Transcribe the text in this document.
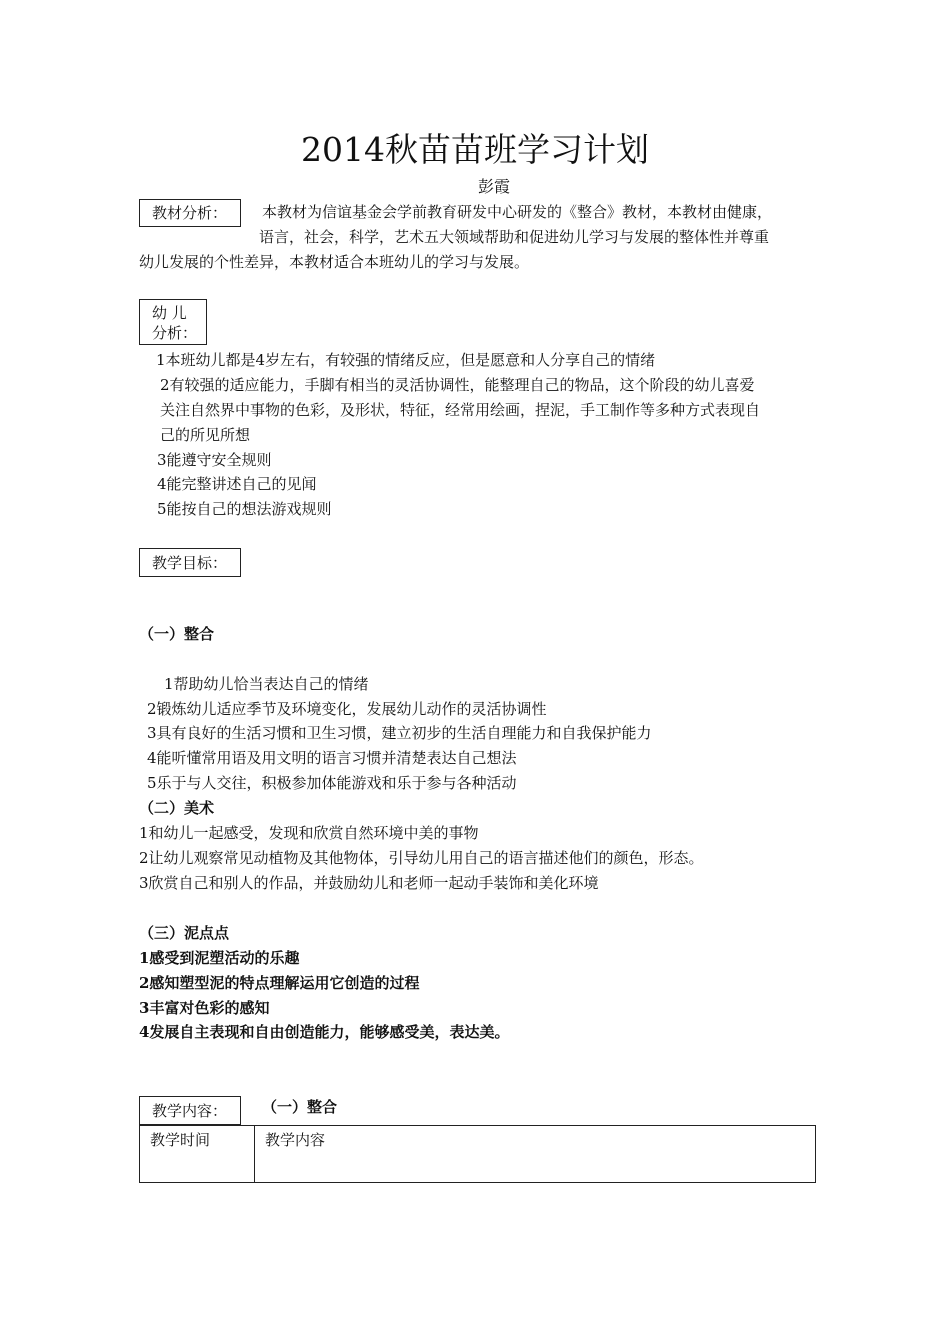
2014秋苗苗班学习计划
彭霞
教材分析：	本教材为信谊基金会学前教育研发中心研发的《整合》教材，本教材由健康，
语言，社会，科学，艺术五大领域帮助和促进幼儿学习与发展的整体性并尊重
幼儿发展的个性差异，本教材适合本班幼儿的学习与发展。
幼 儿
分析：
1本班幼儿都是4岁左右，有较强的情绪反应，但是愿意和人分享自己的情绪
2有较强的适应能力，手脚有相当的灵活协调性，能整理自己的物品，这个阶段的幼儿喜爱
关注自然界中事物的色彩，及形状，特征，经常用绘画，捏泥，手工制作等多种方式表现自
己的所见所想
3能遵守安全规则
4能完整讲述自己的见闻
5能按自己的想法游戏规则
教学目标：
（一）整合
1帮助幼儿恰当表达自己的情绪
2锻炼幼儿适应季节及环境变化，发展幼儿动作的灵活协调性
3具有良好的生活习惯和卫生习惯，建立初步的生活自理能力和自我保护能力
4能听懂常用语及用文明的语言习惯并清楚表达自己想法
5乐于与人交往，积极参加体能游戏和乐于参与各种活动
（二）美术
1和幼儿一起感受，发现和欣赏自然环境中美的事物
2让幼儿观察常见动植物及其他物体，引导幼儿用自己的语言描述他们的颜色，形态。
3欣赏自己和别人的作品，并鼓励幼儿和老师一起动手装饰和美化环境
（三）泥点点
1感受到泥塑活动的乐趣
2感知塑型泥的特点理解运用它创造的过程
3丰富对色彩的感知
4发展自主表现和自由创造能力，能够感受美，表达美。
教学内容：	（一）整合
教学时间	教学内容
